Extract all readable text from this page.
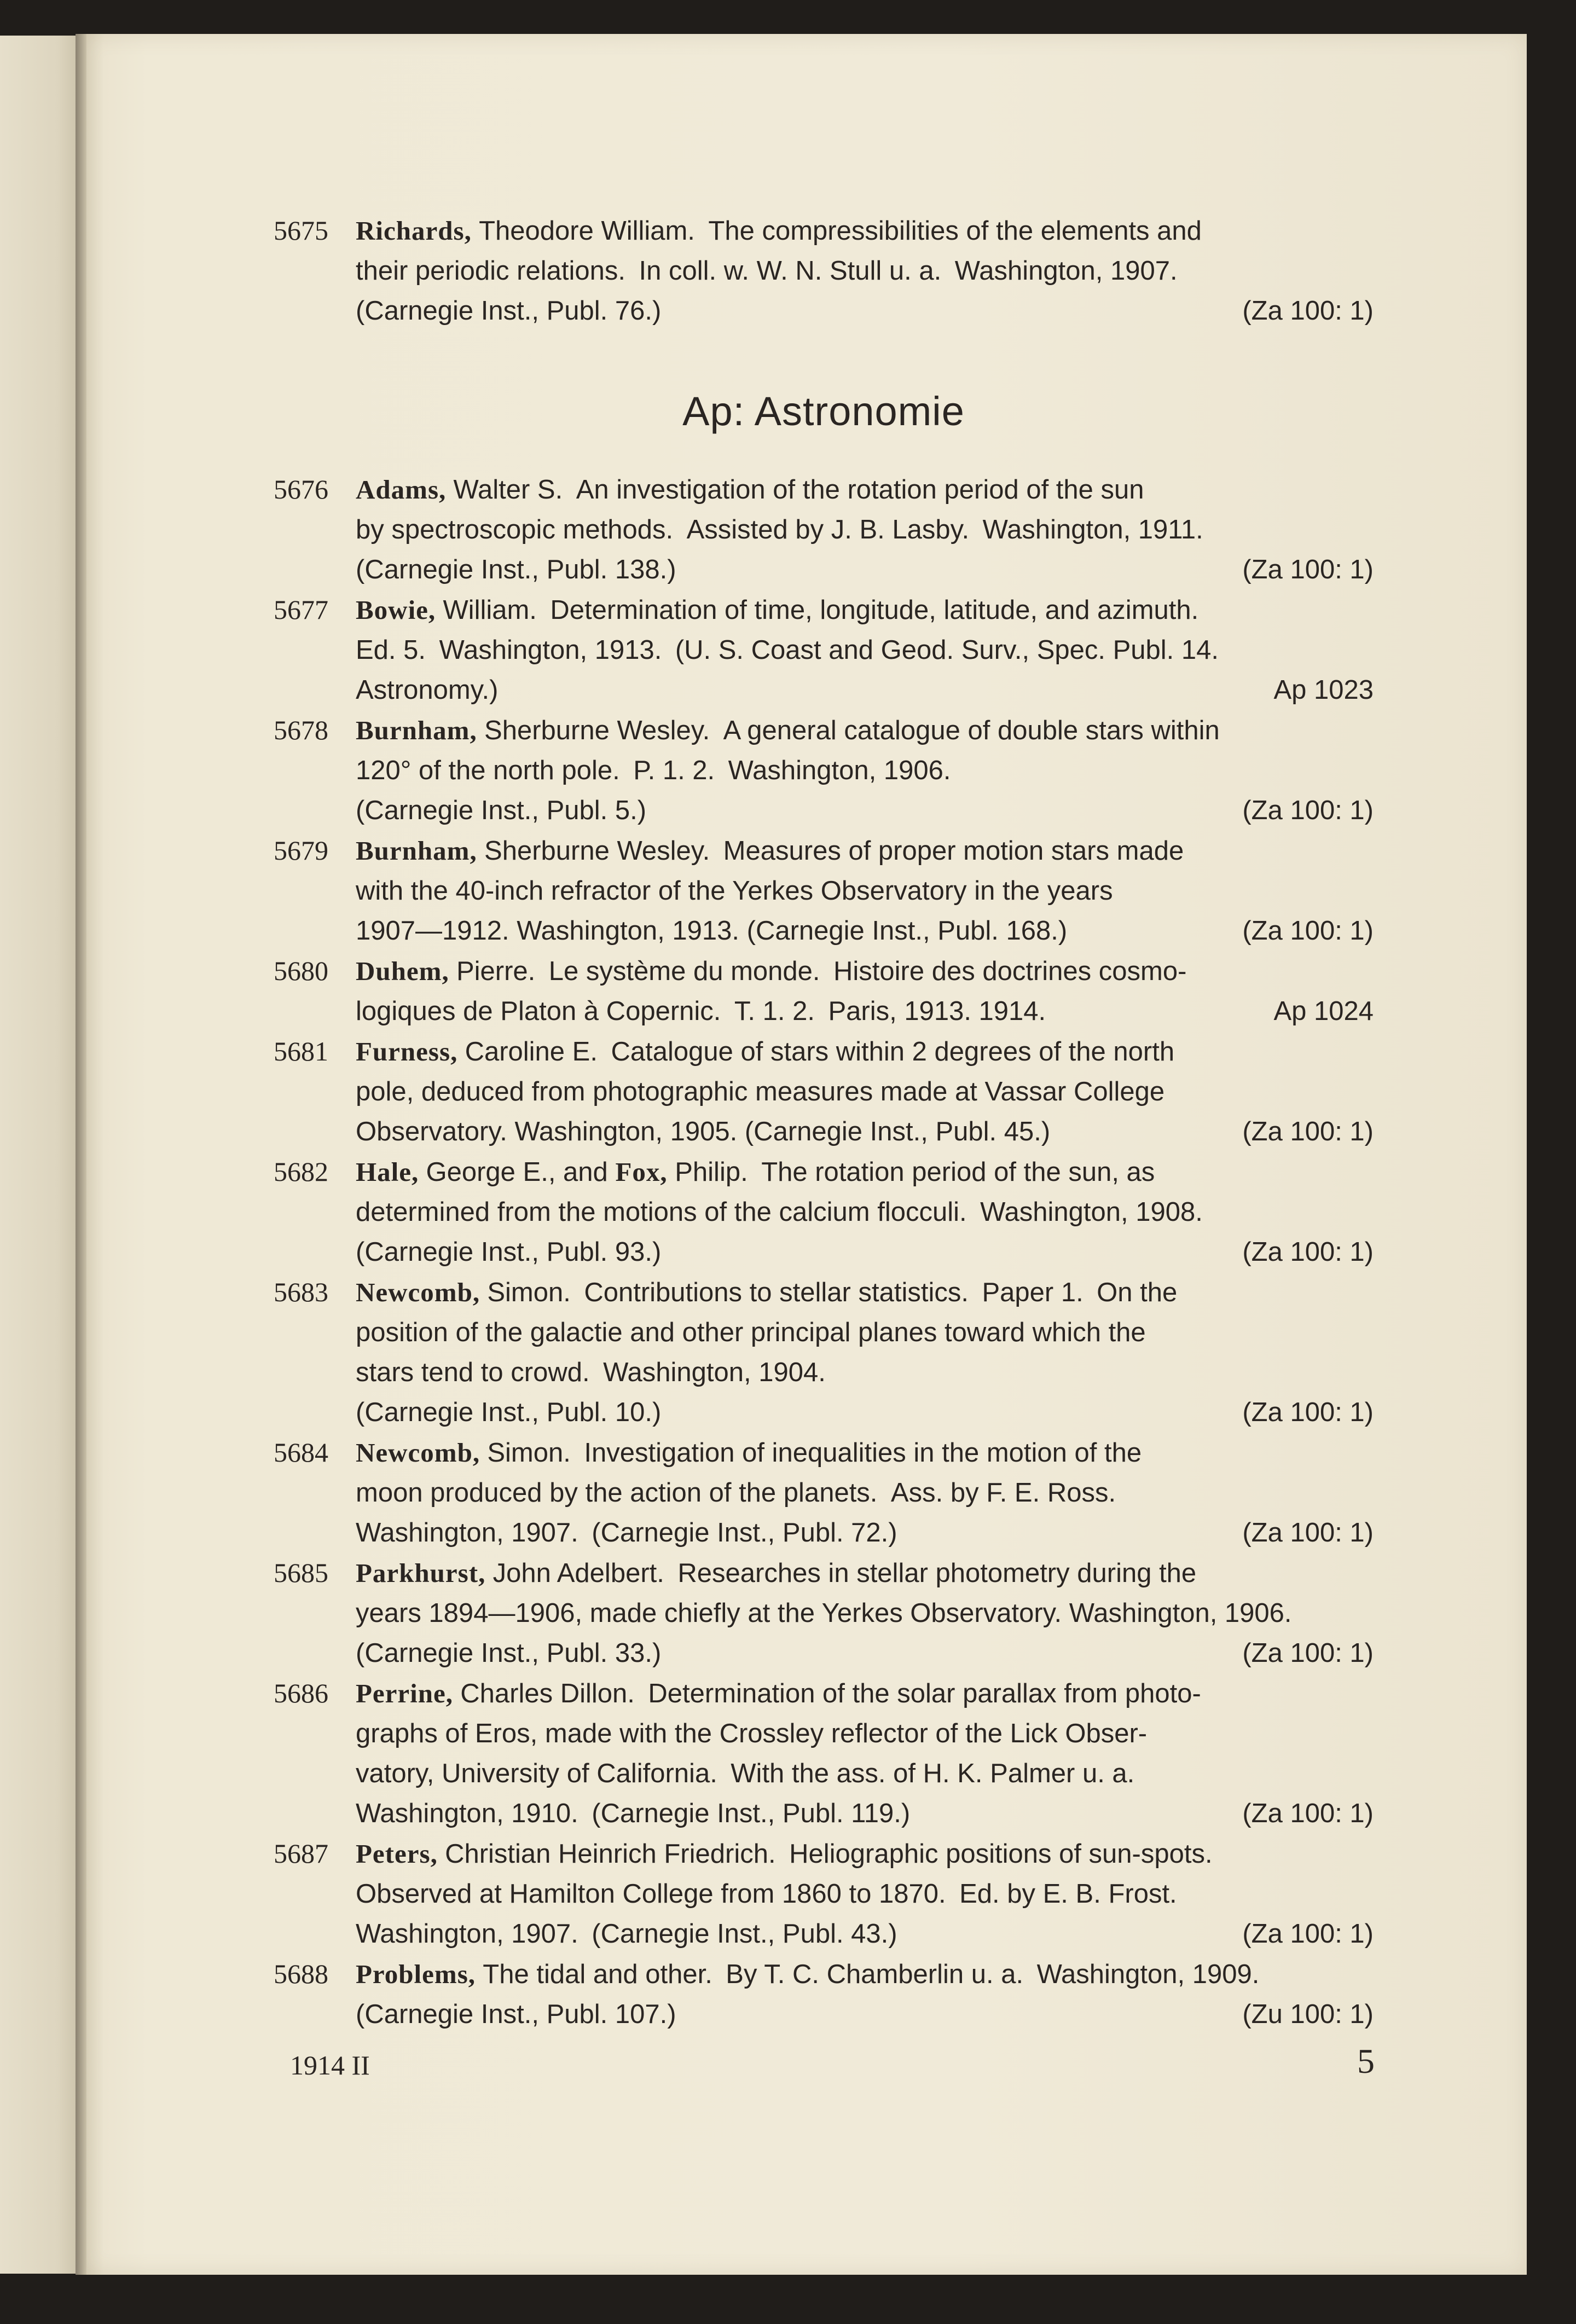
5675	Richards, Theodore William. The compressibilities of the elements and
their periodic relations. In coll. w. W. N. Stull u. a. Washington, 1907.
(Carnegie Inst., Publ. 76.)	(Za 100: 1)
Ap: Astronomie
5676	Adams, Walter S. An investigation of the rotation period of the sun
by spectroscopic methods. Assisted by J. B. Lasby. Washington, 1911.
(Carnegie Inst., Publ. 138.)	(Za 100: 1)
5677	Bowie, William. Determination of time, longitude, latitude, and azimuth.
Ed. 5. Washington, 1913. (U. S. Coast and Geod. Surv., Spec. Publ. 14.
Astronomy.)	Ap 1023
5678	Burnham, Sherburne Wesley. A general catalogue of double stars within
120° of the north pole. P. 1. 2. Washington, 1906.
(Carnegie Inst., Publ. 5.)	(Za 100: 1)
5679	Burnham, Sherburne Wesley. Measures of proper motion stars made
with the 40-inch refractor of the Yerkes Observatory in the years
1907—1912. Washington, 1913. (Carnegie Inst., Publ. 168.)	(Za 100: 1)
5680	Duhem, Pierre. Le système du monde. Histoire des doctrines cosmo-
logiques de Platon à Copernic. T. 1. 2. Paris, 1913. 1914.	Ap 1024
5681	Furness, Caroline E. Catalogue of stars within 2 degrees of the north
pole, deduced from photographic measures made at Vassar College
Observatory. Washington, 1905. (Carnegie Inst., Publ. 45.)	(Za 100: 1)
5682	Hale, George E., and Fox, Philip. The rotation period of the sun, as
determined from the motions of the calcium flocculi. Washington, 1908.
(Carnegie Inst., Publ. 93.)	(Za 100: 1)
5683	Newcomb, Simon. Contributions to stellar statistics. Paper 1. On the
position of the galactie and other principal planes toward which the
stars tend to crowd. Washington, 1904.
(Carnegie Inst., Publ. 10.)	(Za 100: 1)
5684	Newcomb, Simon. Investigation of inequalities in the motion of the
moon produced by the action of the planets. Ass. by F. E. Ross.
Washington, 1907. (Carnegie Inst., Publ. 72.)	(Za 100: 1)
5685	Parkhurst, John Adelbert. Researches in stellar photometry during the
years 1894—1906, made chiefly at the Yerkes Observatory. Washington, 1906.
(Carnegie Inst., Publ. 33.)	(Za 100: 1)
5686	Perrine, Charles Dillon. Determination of the solar parallax from photo-
graphs of Eros, made with the Crossley reflector of the Lick Obser-
vatory, University of California. With the ass. of H. K. Palmer u. a.
Washington, 1910. (Carnegie Inst., Publ. 119.)	(Za 100: 1)
5687	Peters, Christian Heinrich Friedrich. Heliographic positions of sun-spots.
Observed at Hamilton College from 1860 to 1870. Ed. by E. B. Frost.
Washington, 1907. (Carnegie Inst., Publ. 43.)	(Za 100: 1)
5688	Problems, The tidal and other. By T. C. Chamberlin u. a. Washington, 1909.
(Carnegie Inst., Publ. 107.)	(Zu 100: 1)
1914 II	5
